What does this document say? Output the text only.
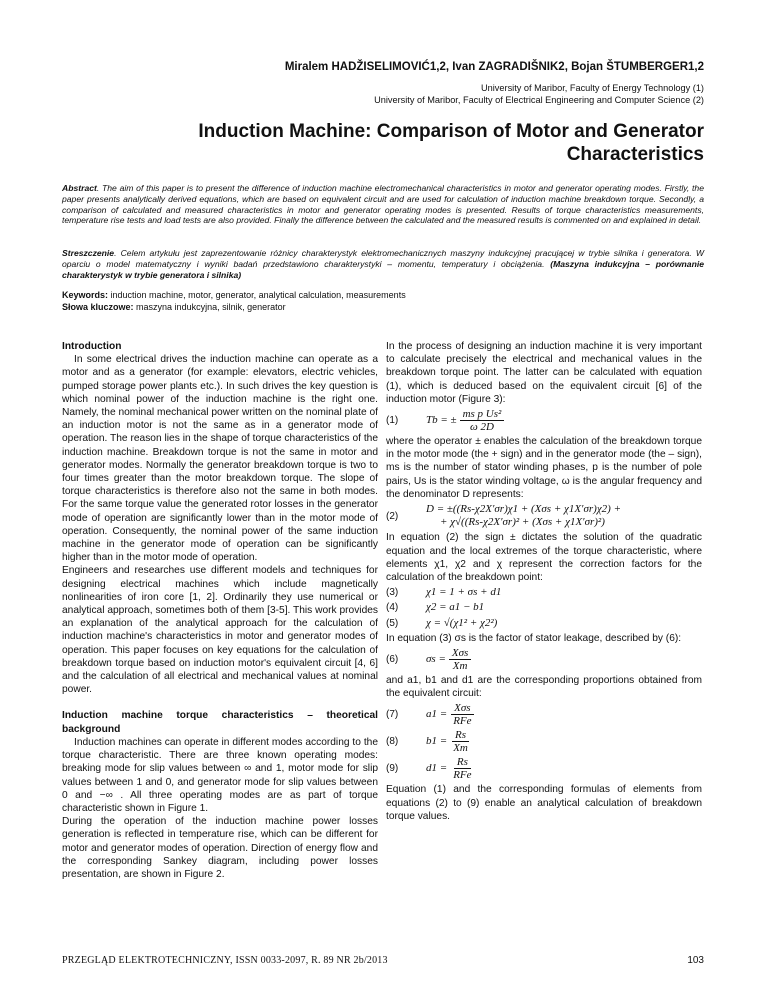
Miralem HADŽISELIMOVIĆ1,2, Ivan ZAGRADIŠNIK2, Bojan ŠTUMBERGER1,2
University of Maribor, Faculty of Energy Technology (1)
University of Maribor, Faculty of Electrical Engineering and Computer Science (2)
Induction Machine: Comparison of Motor and Generator Characteristics
Abstract. The aim of this paper is to present the difference of induction machine electromechanical characteristics in motor and generator operating modes. Firstly, the paper presents analytically derived equations, which are based on equivalent circuit and are used for calculation of induction machine breakdown torque. Secondly, a comparison of calculated and measured characteristics in motor and generator operating modes is presented. Results of torque characteristics measurements, temperature rise tests and load tests are also provided. Finally the difference between the calculated and the measured results is commented on and explained in detail.
Streszczenie. Celem artykułu jest zaprezentowanie różnicy charakterystyk elektromechanicznych maszyny indukcyjnej pracującej w trybie silnika i generatora. W oparciu o model matematyczny i wyniki badań przedstawiono charakterystyki – momentu, temperatury i obciążenia. (Maszyna indukcyjna – porównanie charakterystyk w trybie generatora i silnika)
Keywords: induction machine, motor, generator, analytical calculation, measurements
Słowa kluczowe: maszyna indukcyjna, silnik, generator

Introduction

In some electrical drives the induction machine can operate as a motor and as a generator (for example: elevators, electric vehicles, pumped storage power plants etc.). In such drives the key question is which nominal power of the induction machine is the right one. Namely, the nominal mechanical power written on the nominal plate of an induction motor is not the same as in a generator mode of operation. The reason lies in the shape of torque characteristics of the induction machine. Breakdown torque is not the same in motor and generator modes. Normally the generator breakdown torque is two to four times greater than the motor breakdown torque. The slope of torque characteristics is therefore also not the same in both modes. For the same torque value the generated rotor losses in the generator mode of operation are significantly lower than in the motor mode of operation. Consequently, the nominal power of the same induction machine in the generator mode of operation can be significantly higher than in the motor mode of operation.

Engineers and researches use different models and techniques for designing electrical machines which include magnetically nonlinearities of iron core [1, 2]. Ordinarily they use numerical or analytical approach, sometimes both of them [3-5]. This work provides an explanation of the analytical approach for the calculation of induction machine's characteristics in motor and generator modes of operation. This paper focuses on key equations for the calculation of breakdown torque based on induction motor's equivalent circuit [4, 6] and the calculation of all electrical and mechanical values at nominal power.

Induction machine torque characteristics – theoretical background

Induction machines can operate in different modes according to the torque characteristic. There are three known operating modes: breaking mode for slip values between ∞ and 1, motor mode for slip values between 1 and 0, and generator mode for slip values between 0 and −∞ . All three operating modes are as part of torque characteristic shown in Figure 1.

During the operation of the induction machine power losses generation is reflected in temperature rise, which can be different for motor and generator modes of operation. Direction of energy flow and the corresponding Sankey diagram, including power losses presentation, are shown in Figure 2.

In the process of designing an induction machine it is very important to calculate precisely the electrical and mechanical values in the breakdown torque point. The latter can be calculated with equation (1), which is deduced based on the equivalent circuit [6] of the induction motor (Figure 3):

(1)	Tb = ± $\frac{\text{ms p Us²}}{\omega 2D}$

where the operator ± enables the calculation of the breakdown torque in the motor mode (the + sign) and in the generator mode (the – sign), ms is the number of stator winding phases, p is the number of pole pairs, Us is the stator winding voltage, ω is the angular frequency and the denominator D represents:

(2)
D = ±((Rs-χ2X′σr)χ1 + (Xσs + χ1X′σr)χ2) +
+ χ√((Rs-χ2X′σr)² + (Xσs + χ1X′σr)²)

In equation (2) the sign ± dictates the solution of the quadratic equation and the local extremes of the torque characteristic, where elements χ1, χ2 and χ represent the correction factors for the calculation of the breakdown point:

(3)	χ1 = 1 + σs + d1
(4)	χ2 = a1 − b1
(5)	χ = √(χ1² + χ2²)

In equation (3) σs is the factor of stator leakage, described by (6):

(6)	$\sigma s = \frac{\text{Xσs}}{Xm}$

and a1, b1 and d1 are the corresponding proportions obtained from the equivalent circuit:

(7)	$a1 = \frac{\text{Xσs}}{\text{RFe}}$
(8)	$b1 = \frac{Rs}{Xm}$
(9)	$d1 = \frac{Rs}{\text{RFe}}$

Equation (1) and the corresponding formulas of elements from equations (2) to (9) enable an analytical calculation of breakdown torque values.

PRZEGLĄD ELEKTROTECHNICZNY, ISSN 0033-2097, R. 89 NR 2b/2013	103
